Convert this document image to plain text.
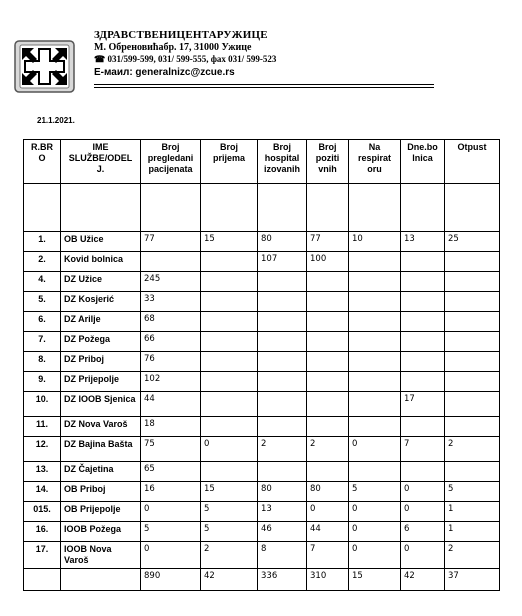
ЗДРАВСТВЕНИЦЕНТАРУЖИЦЕ
М. Обреновићабр. 17, 31000 Ужице
☎ 031/599-599, 031/ 599-555, фах 031/ 599-523
Е-маил: generalnizc@zcue.rs
21.1.2021.
R.BR O	IME SLUŽBE/ODEL J.	Broj pregledani pacijenata	Broj prijema	Broj hospital izovanih	Broj poziti vnih	Na respirat oru	Dne.bo lnica	Otpust

1.	OB Užice	77	15	80	77	10	13	25
2.	Kovid bolnica			107	100			
4.	DZ Užice	245						
5.	DZ Kosjerić	33						
6.	DZ Arilje	68						
7.	DZ Požega	66						
8.	DZ Priboj	76						
9.	DZ Prijepolje	102						
10.	DZ IOOB Sjenica	44					17	
11.	DZ Nova Varoš	18						
12.	DZ Bajina Bašta	75	0	2	2	0	7	2
13.	DZ Čajetina	65						
14.	OB Priboj	16	15	80	80	5	0	5
015.	OB Prijepolje	0	5	13	0	0	0	1
16.	IOOB Požega	5	5	46	44	0	6	1
17.	IOOB Nova Varoš	0	2	8	7	0	0	2
		890	42	336	310	15	42	37
